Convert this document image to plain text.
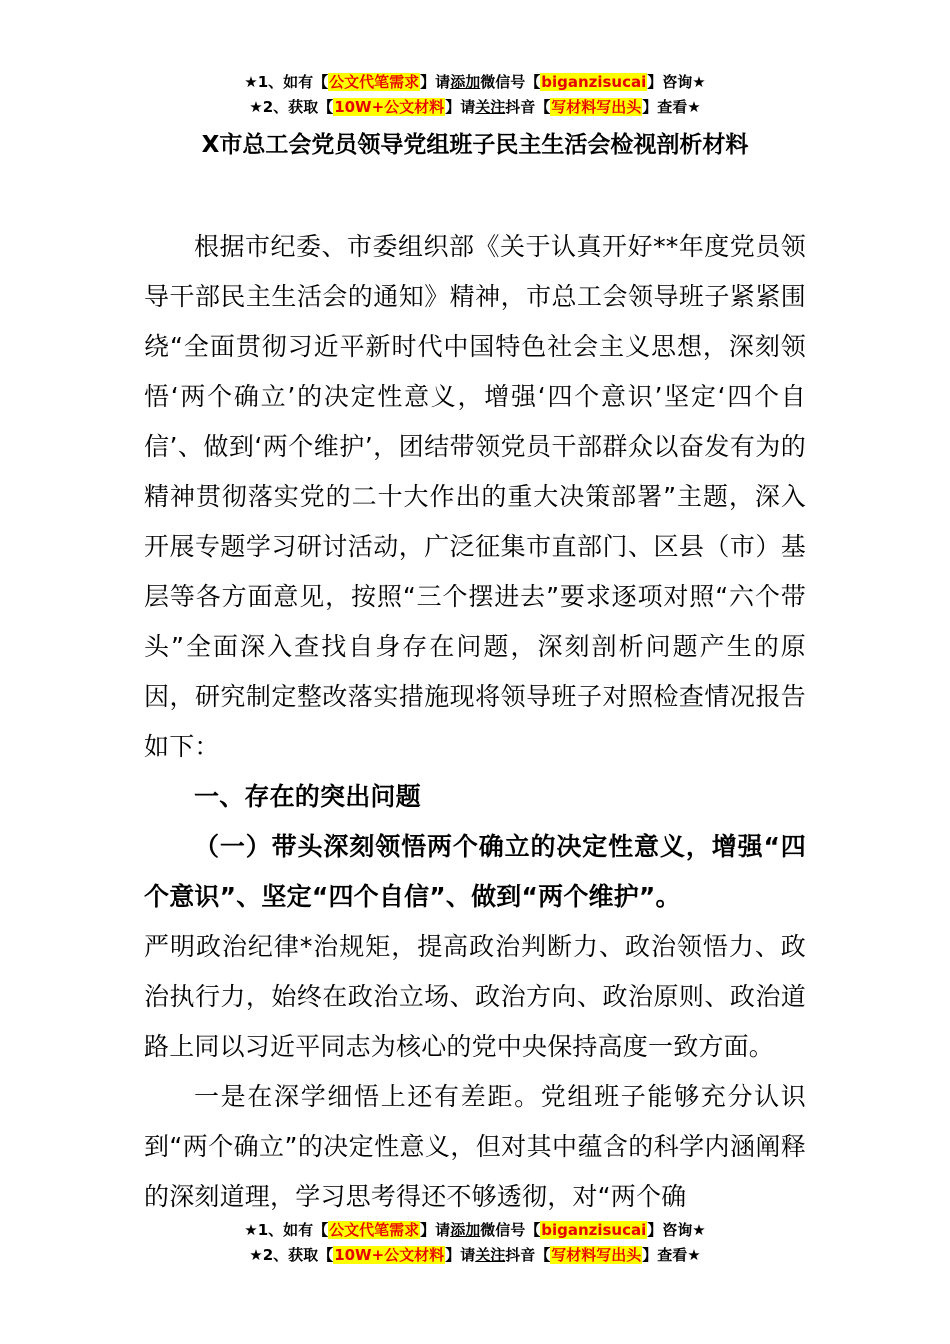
★1、如有【公文代笔需求】请添加微信号【biganzisucai】咨询★
★2、获取【10W+公文材料】请关注抖音【写材料写出头】查看★
X市总工会党员领导党组班子民主生活会检视剖析材料

根据市纪委、市委组织部《关于认真开好**年度党员领导干部民主生活会的通知》精神，市总工会领导班子紧紧围绕“全面贯彻习近平新时代中国特色社会主义思想，深刻领悟‘两个确立’的决定性意义，增强‘四个意识’坚定‘四个自信’、做到‘两个维护’，团结带领党员干部群众以奋发有为的精神贯彻落实党的二十大作出的重大决策部署”主题，深入开展专题学习研讨活动，广泛征集市直部门、区县（市）基层等各方面意见，按照“三个摆进去”要求逐项对照“六个带头”全面深入查找自身存在问题，深刻剖析问题产生的原因，研究制定整改落实措施现将领导班子对照检查情况报告如下：

一、存在的突出问题

（一）带头深刻领悟两个确立的决定性意义，增强“四个意识”、坚定“四个自信”、做到“两个维护”。

严明政治纪律*治规矩，提高政治判断力、政治领悟力、政治执行力，始终在政治立场、政治方向、政治原则、政治道路上同以习近平同志为核心的党中央保持高度一致方面。

一是在深学细悟上还有差距。党组班子能够充分认识到“两个确立”的决定性意义，但对其中蕴含的科学内涵阐释的深刻道理，学习思考得还不够透彻，对“两个确

★1、如有【公文代笔需求】请添加微信号【biganzisucai】咨询★
★2、获取【10W+公文材料】请关注抖音【写材料写出头】查看★
